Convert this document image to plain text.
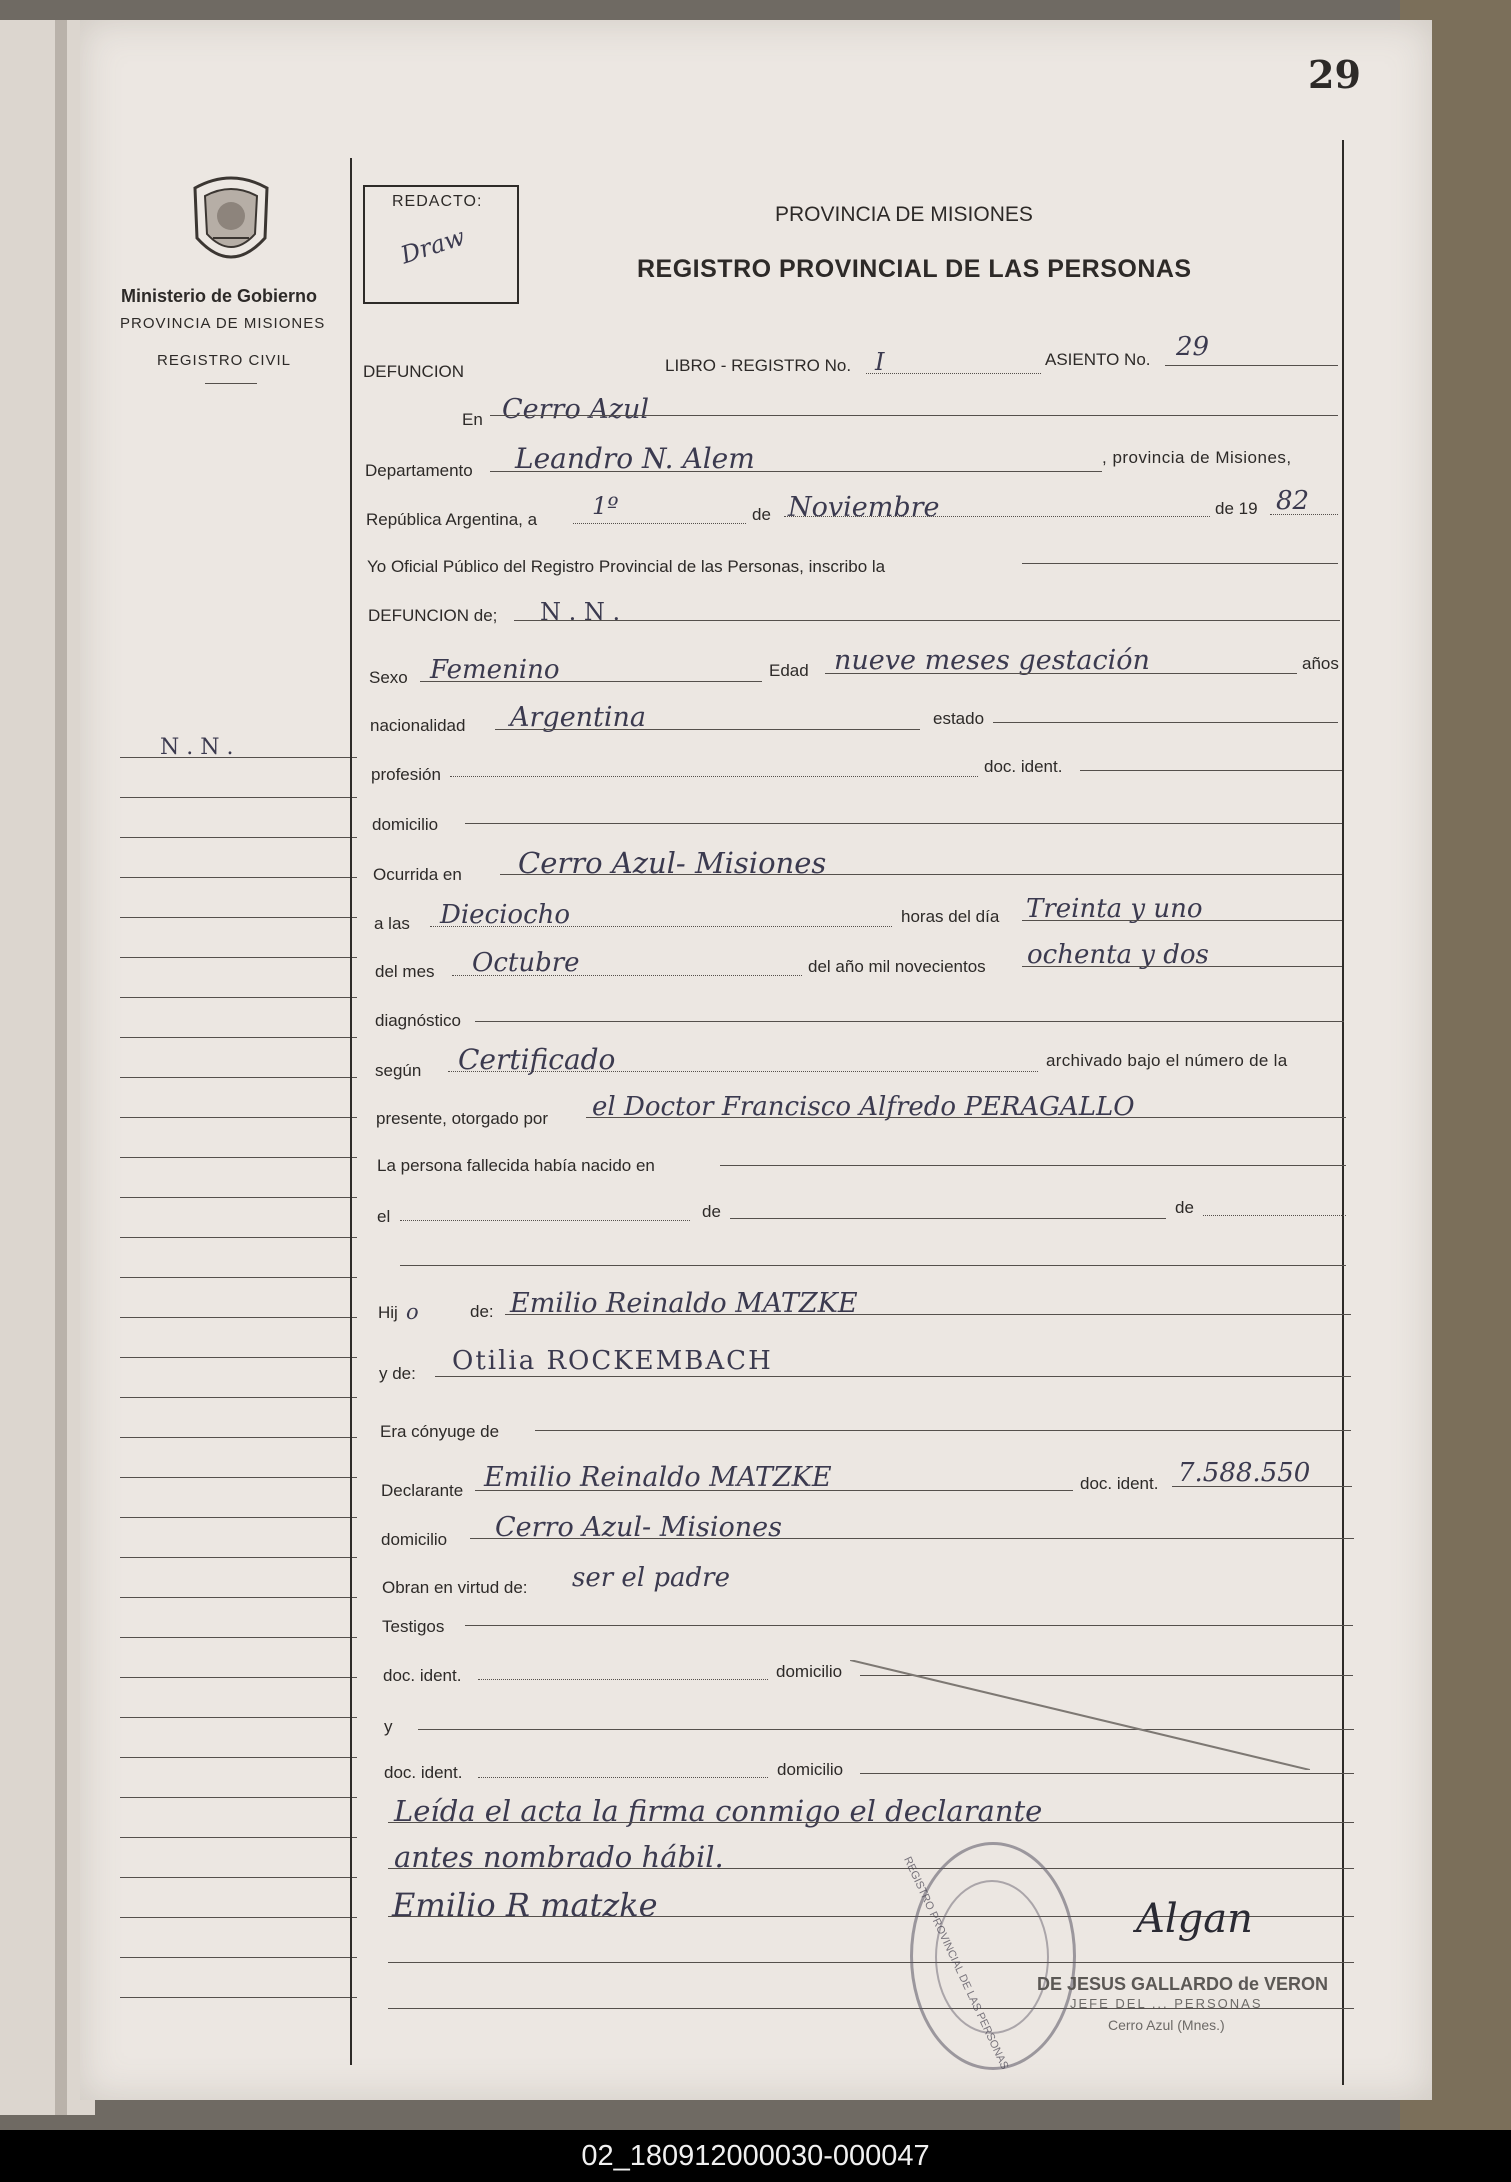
29
Ministerio de Gobierno
PROVINCIA DE MISIONES
REGISTRO CIVIL
N . N .
REDACTO:
Draw
PROVINCIA DE MISIONES
REGISTRO PROVINCIAL DE LAS PERSONAS
DEFUNCION	LIBRO - REGISTRO No. I	ASIENTO No. 29
En Cerro Azul
Departamento Leandro N. Alem	, provincia de Misiones,
República Argentina, a 1º	de Noviembre	de 19 82
Yo Oficial Público del Registro Provincial de las Personas, inscribo la
DEFUNCION de; N . N .
Sexo Femenino	Edad nueve meses gestación	años
nacionalidad Argentina	estado
profesión	doc. ident.
domicilio
Ocurrida en Cerro Azul- Misiones
a las Dieciocho	horas del día Treinta y uno
del mes Octubre	del año mil novecientos ochenta y dos
diagnóstico
según Certificado	archivado bajo el número de la
presente, otorgado por el Doctor Francisco Alfredo PERAGALLO
La persona fallecida había nacido en
el	de	de
Hij o	de: Emilio Reinaldo MATZKE
y de: Otilia ROCKEMBACH
Era cónyuge de
Declarante Emilio Reinaldo MATZKE	doc. ident. 7.588.550
domicilio Cerro Azul- Misiones
Obran en virtud de: ser el padre
Testigos
doc. ident.	domicilio
y
doc. ident.	domicilio
Leída el acta la firma conmigo el declarante
antes nombrado hábil.
Emilio R matzke	REGISTRO PROVINCIAL DE LAS PERSONAS	Algan
DE JESUS GALLARDO de VERON
JEFE DEL ... PERSONAS
Cerro Azul (Mnes.)
02_180912000030-000047
